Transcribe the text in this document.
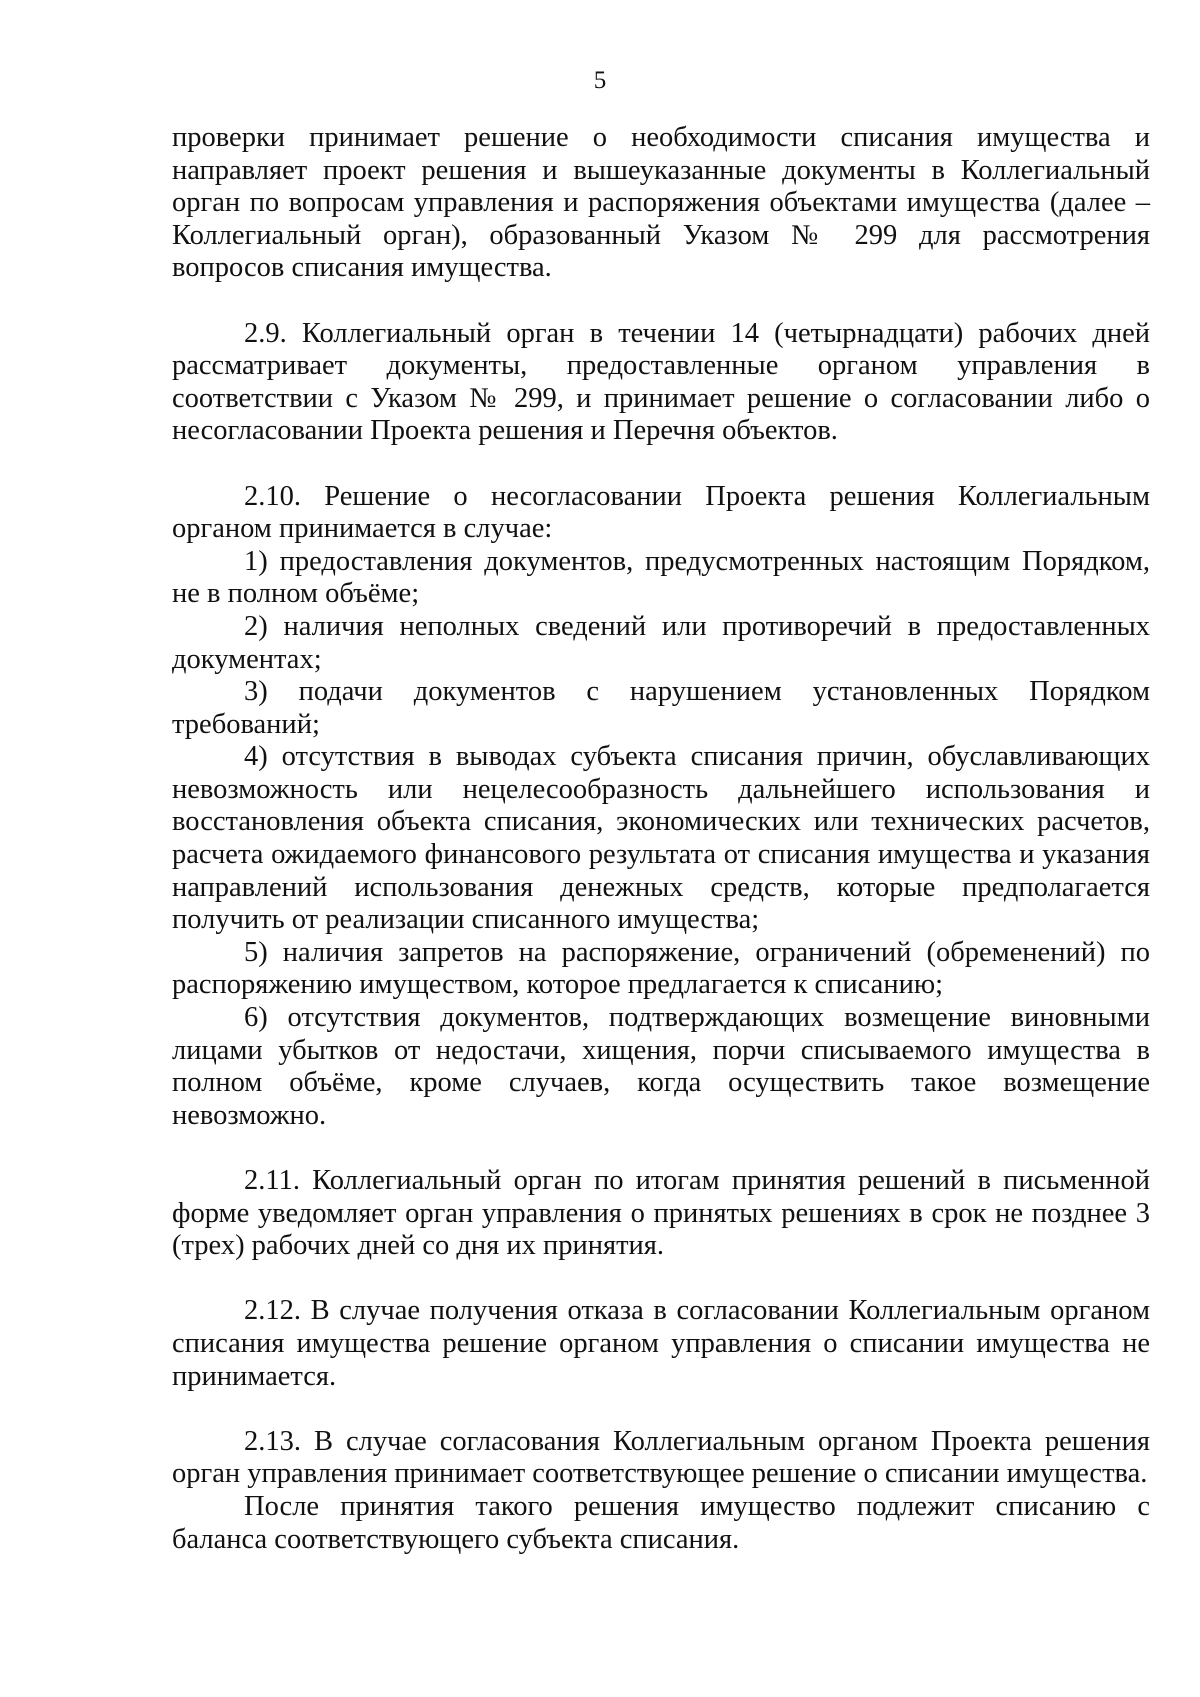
5

проверки принимает решение о необходимости списания имущества и направляет проект решения и вышеуказанные документы в Коллегиальный орган по вопросам управления и распоряжения объектами имущества (далее – Коллегиальный орган), образованный Указом № 299 для рассмотрения вопросов списания имущества.

2.9. Коллегиальный орган в течении 14 (четырнадцати) рабочих дней рассматривает документы, предоставленные органом управления в соответствии с Указом № 299, и принимает решение о согласовании либо о несогласовании Проекта решения и Перечня объектов.

2.10. Решение о несогласовании Проекта решения Коллегиальным органом принимается в случае:

1) предоставления документов, предусмотренных настоящим Порядком, не в полном объёме;

2) наличия неполных сведений или противоречий в предоставленных документах;

3) подачи документов с нарушением установленных Порядком требований;

4) отсутствия в выводах субъекта списания причин, обуславливающих невозможность или нецелесообразность дальнейшего использования и восстановления объекта списания, экономических или технических расчетов, расчета ожидаемого финансового результата от списания имущества и указания направлений использования денежных средств, которые предполагается получить от реализации списанного имущества;

5) наличия запретов на распоряжение, ограничений (обременений) по распоряжению имуществом, которое предлагается к списанию;

6) отсутствия документов, подтверждающих возмещение виновными лицами убытков от недостачи, хищения, порчи списываемого имущества в полном объёме, кроме случаев, когда осуществить такое возмещение невозможно.

2.11. Коллегиальный орган по итогам принятия решений в письменной форме уведомляет орган управления о принятых решениях в срок не позднее 3 (трех) рабочих дней со дня их принятия.

2.12. В случае получения отказа в согласовании Коллегиальным органом списания имущества решение органом управления о списании имущества не принимается.

2.13. В случае согласования Коллегиальным органом Проекта решения орган управления принимает соответствующее решение о списании имущества.

После принятия такого решения имущество подлежит списанию с баланса соответствующего субъекта списания.
